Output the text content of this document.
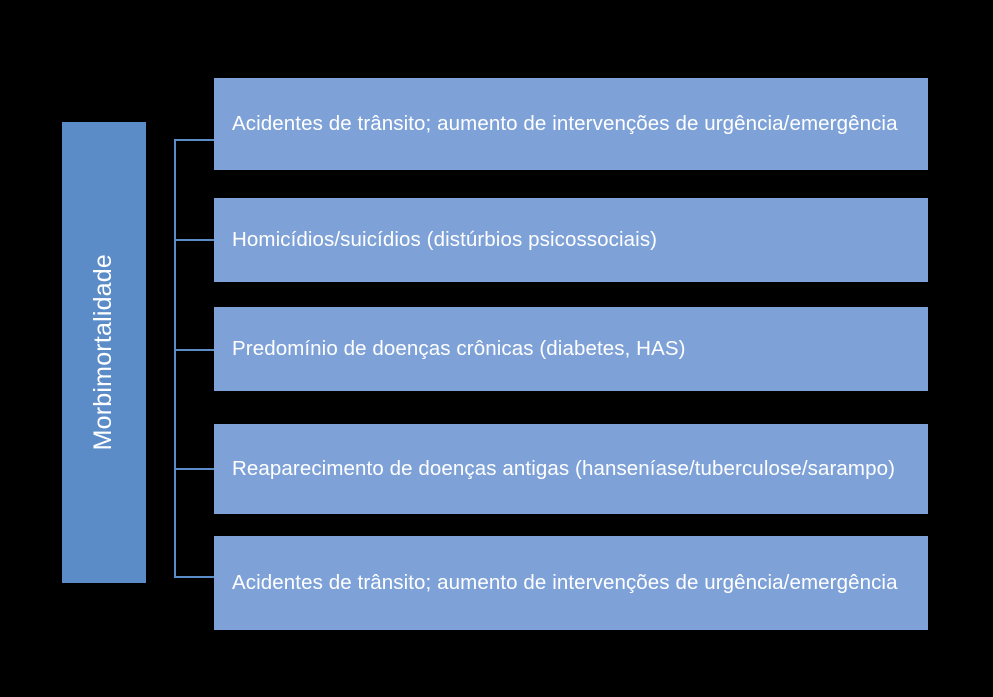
Morbimortalidade
Acidentes de trânsito; aumento de intervenções de urgência/emergência
Homicídios/suicídios (distúrbios psicossociais)
Predomínio de doenças crônicas (diabetes, HAS)
Reaparecimento de doenças antigas (hanseníase/tuberculose/sarampo)
Acidentes de trânsito; aumento de intervenções de urgência/emergência
